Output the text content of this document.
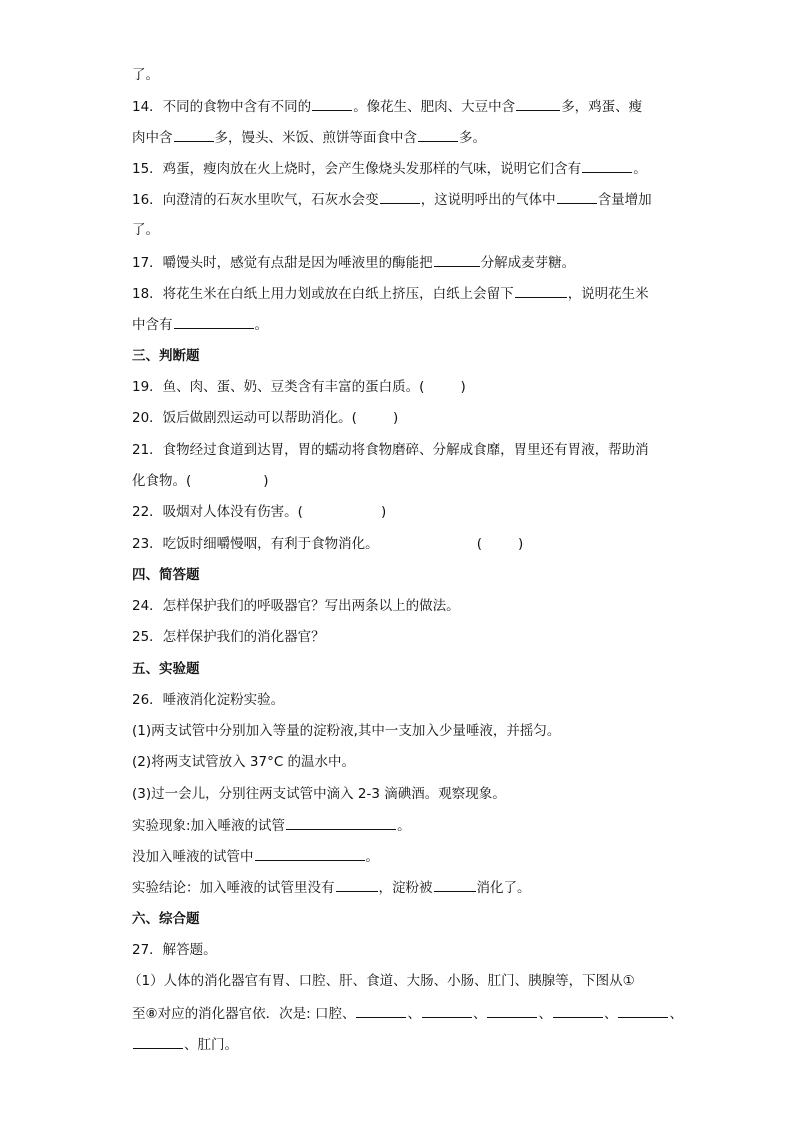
了。
14．不同的食物中含有不同的	。像花生、肥肉、大豆中含	多，鸡蛋、瘦
肉中含	多，馒头、米饭、煎饼等面食中含	多。
15．鸡蛋，瘦肉放在火上烧时，会产生像烧头发那样的气味，说明它们含有	。
16．向澄清的石灰水里吹气，石灰水会变	，这说明呼出的气体中	含量增加
了。
17．嚼馒头时，感觉有点甜是因为唾液里的酶能把	分解成麦芽糖。
18．将花生米在白纸上用力划或放在白纸上挤压，白纸上会留下	，说明花生米
中含有	。
三、判断题
19．鱼、肉、蛋、奶、豆类含有丰富的蛋白质。(	)
20．饭后做剧烈运动可以帮助消化。(	)
21．食物经过食道到达胃，胃的蠕动将食物磨碎、分解成食靡，胃里还有胃液，帮助消
化食物。(	)
22．吸烟对人体没有伤害。(	)
23．吃饭时细嚼慢咽，有利于食物消化。	(	)
四、简答题
24．怎样保护我们的呼吸器官？写出两条以上的做法。
25．怎样保护我们的消化器官？
五、实验题
26．唾液消化淀粉实验。
(1)两支试管中分别加入等量的淀粉液,其中一支加入少量唾液，并摇匀。
(2)将两支试管放入 37°C 的温水中。
(3)过一会儿，分别往两支试管中滴入 2-3 滴碘酒。观察现象。
实验现象:加入唾液的试管	。
没加入唾液的试管中	。
实验结论：加入唾液的试管里没有	，淀粉被	消化了。
六、综合题
27．解答题。
（1）人体的消化器官有胃、口腔、肝、食道、大肠、小肠、肛门、胰腺等，下图从①
至⑧对应的消化器官依．次是: 口腔、	、	、	、	、	、
、肛门。
